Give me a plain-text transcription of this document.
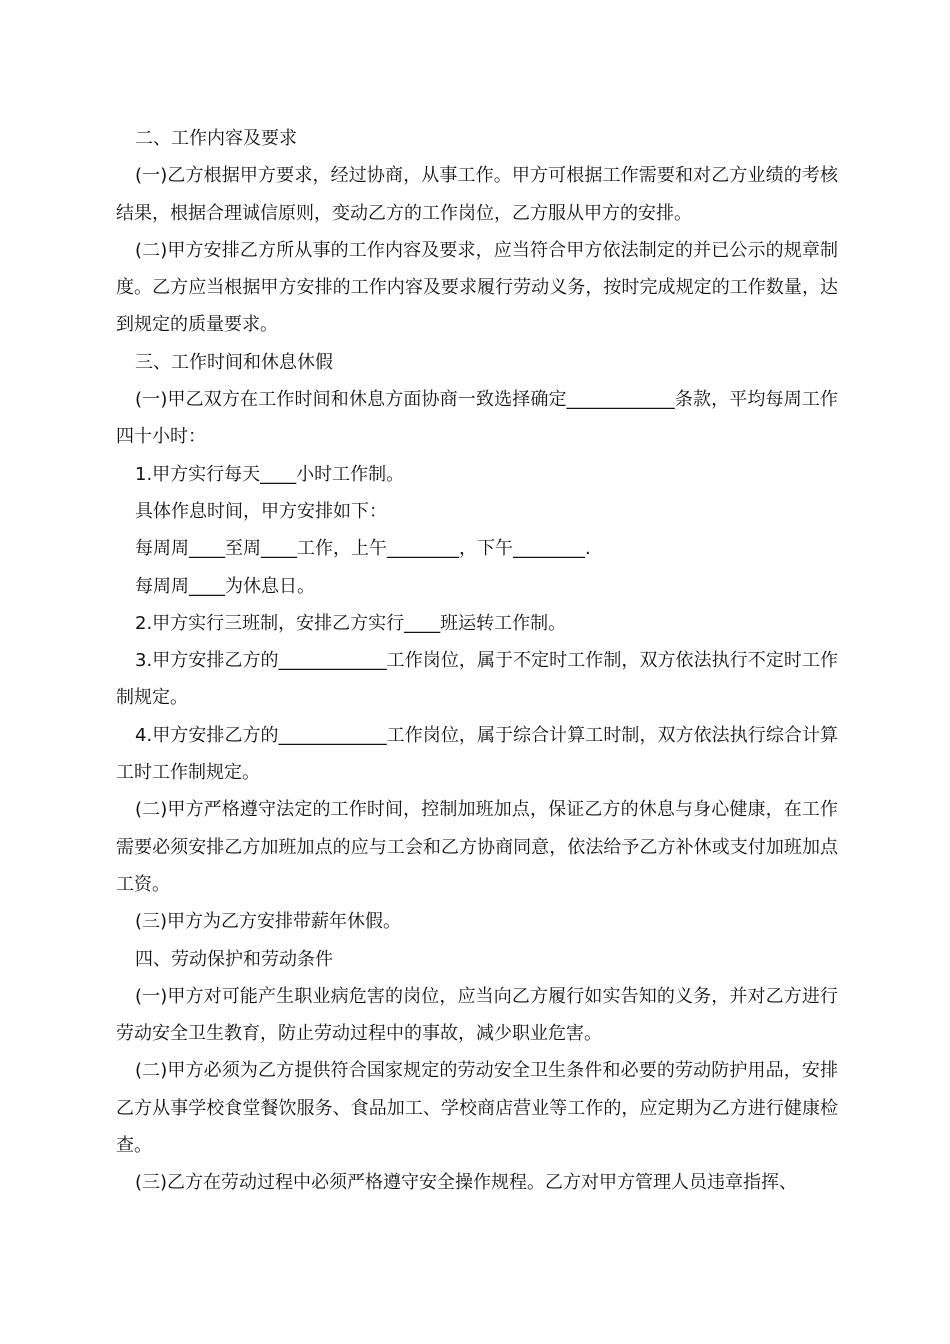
二、工作内容及要求

(一)乙方根据甲方要求，经过协商，从事工作。甲方可根据工作需要和对乙方业绩的考核结果，根据合理诚信原则，变动乙方的工作岗位，乙方服从甲方的安排。

(二)甲方安排乙方所从事的工作内容及要求，应当符合甲方依法制定的并已公示的规章制度。乙方应当根据甲方安排的工作内容及要求履行劳动义务，按时完成规定的工作数量，达到规定的质量要求。

三、工作时间和休息休假

(一)甲乙双方在工作时间和休息方面协商一致选择确定____________条款，平均每周工作四十小时：

1.甲方实行每天____小时工作制。

具体作息时间，甲方安排如下：

每周周____至周____工作，上午________，下午________.

每周周____为休息日。

2.甲方实行三班制，安排乙方实行____班运转工作制。

3.甲方安排乙方的____________工作岗位，属于不定时工作制，双方依法执行不定时工作制规定。

4.甲方安排乙方的____________工作岗位，属于综合计算工时制，双方依法执行综合计算工时工作制规定。

(二)甲方严格遵守法定的工作时间，控制加班加点，保证乙方的休息与身心健康，在工作需要必须安排乙方加班加点的应与工会和乙方协商同意，依法给予乙方补休或支付加班加点工资。

(三)甲方为乙方安排带薪年休假。

四、劳动保护和劳动条件

(一)甲方对可能产生职业病危害的岗位，应当向乙方履行如实告知的义务，并对乙方进行劳动安全卫生教育，防止劳动过程中的事故，减少职业危害。

(二)甲方必须为乙方提供符合国家规定的劳动安全卫生条件和必要的劳动防护用品，安排乙方从事学校食堂餐饮服务、食品加工、学校商店营业等工作的，应定期为乙方进行健康检查。

(三)乙方在劳动过程中必须严格遵守安全操作规程。乙方对甲方管理人员违章指挥、
